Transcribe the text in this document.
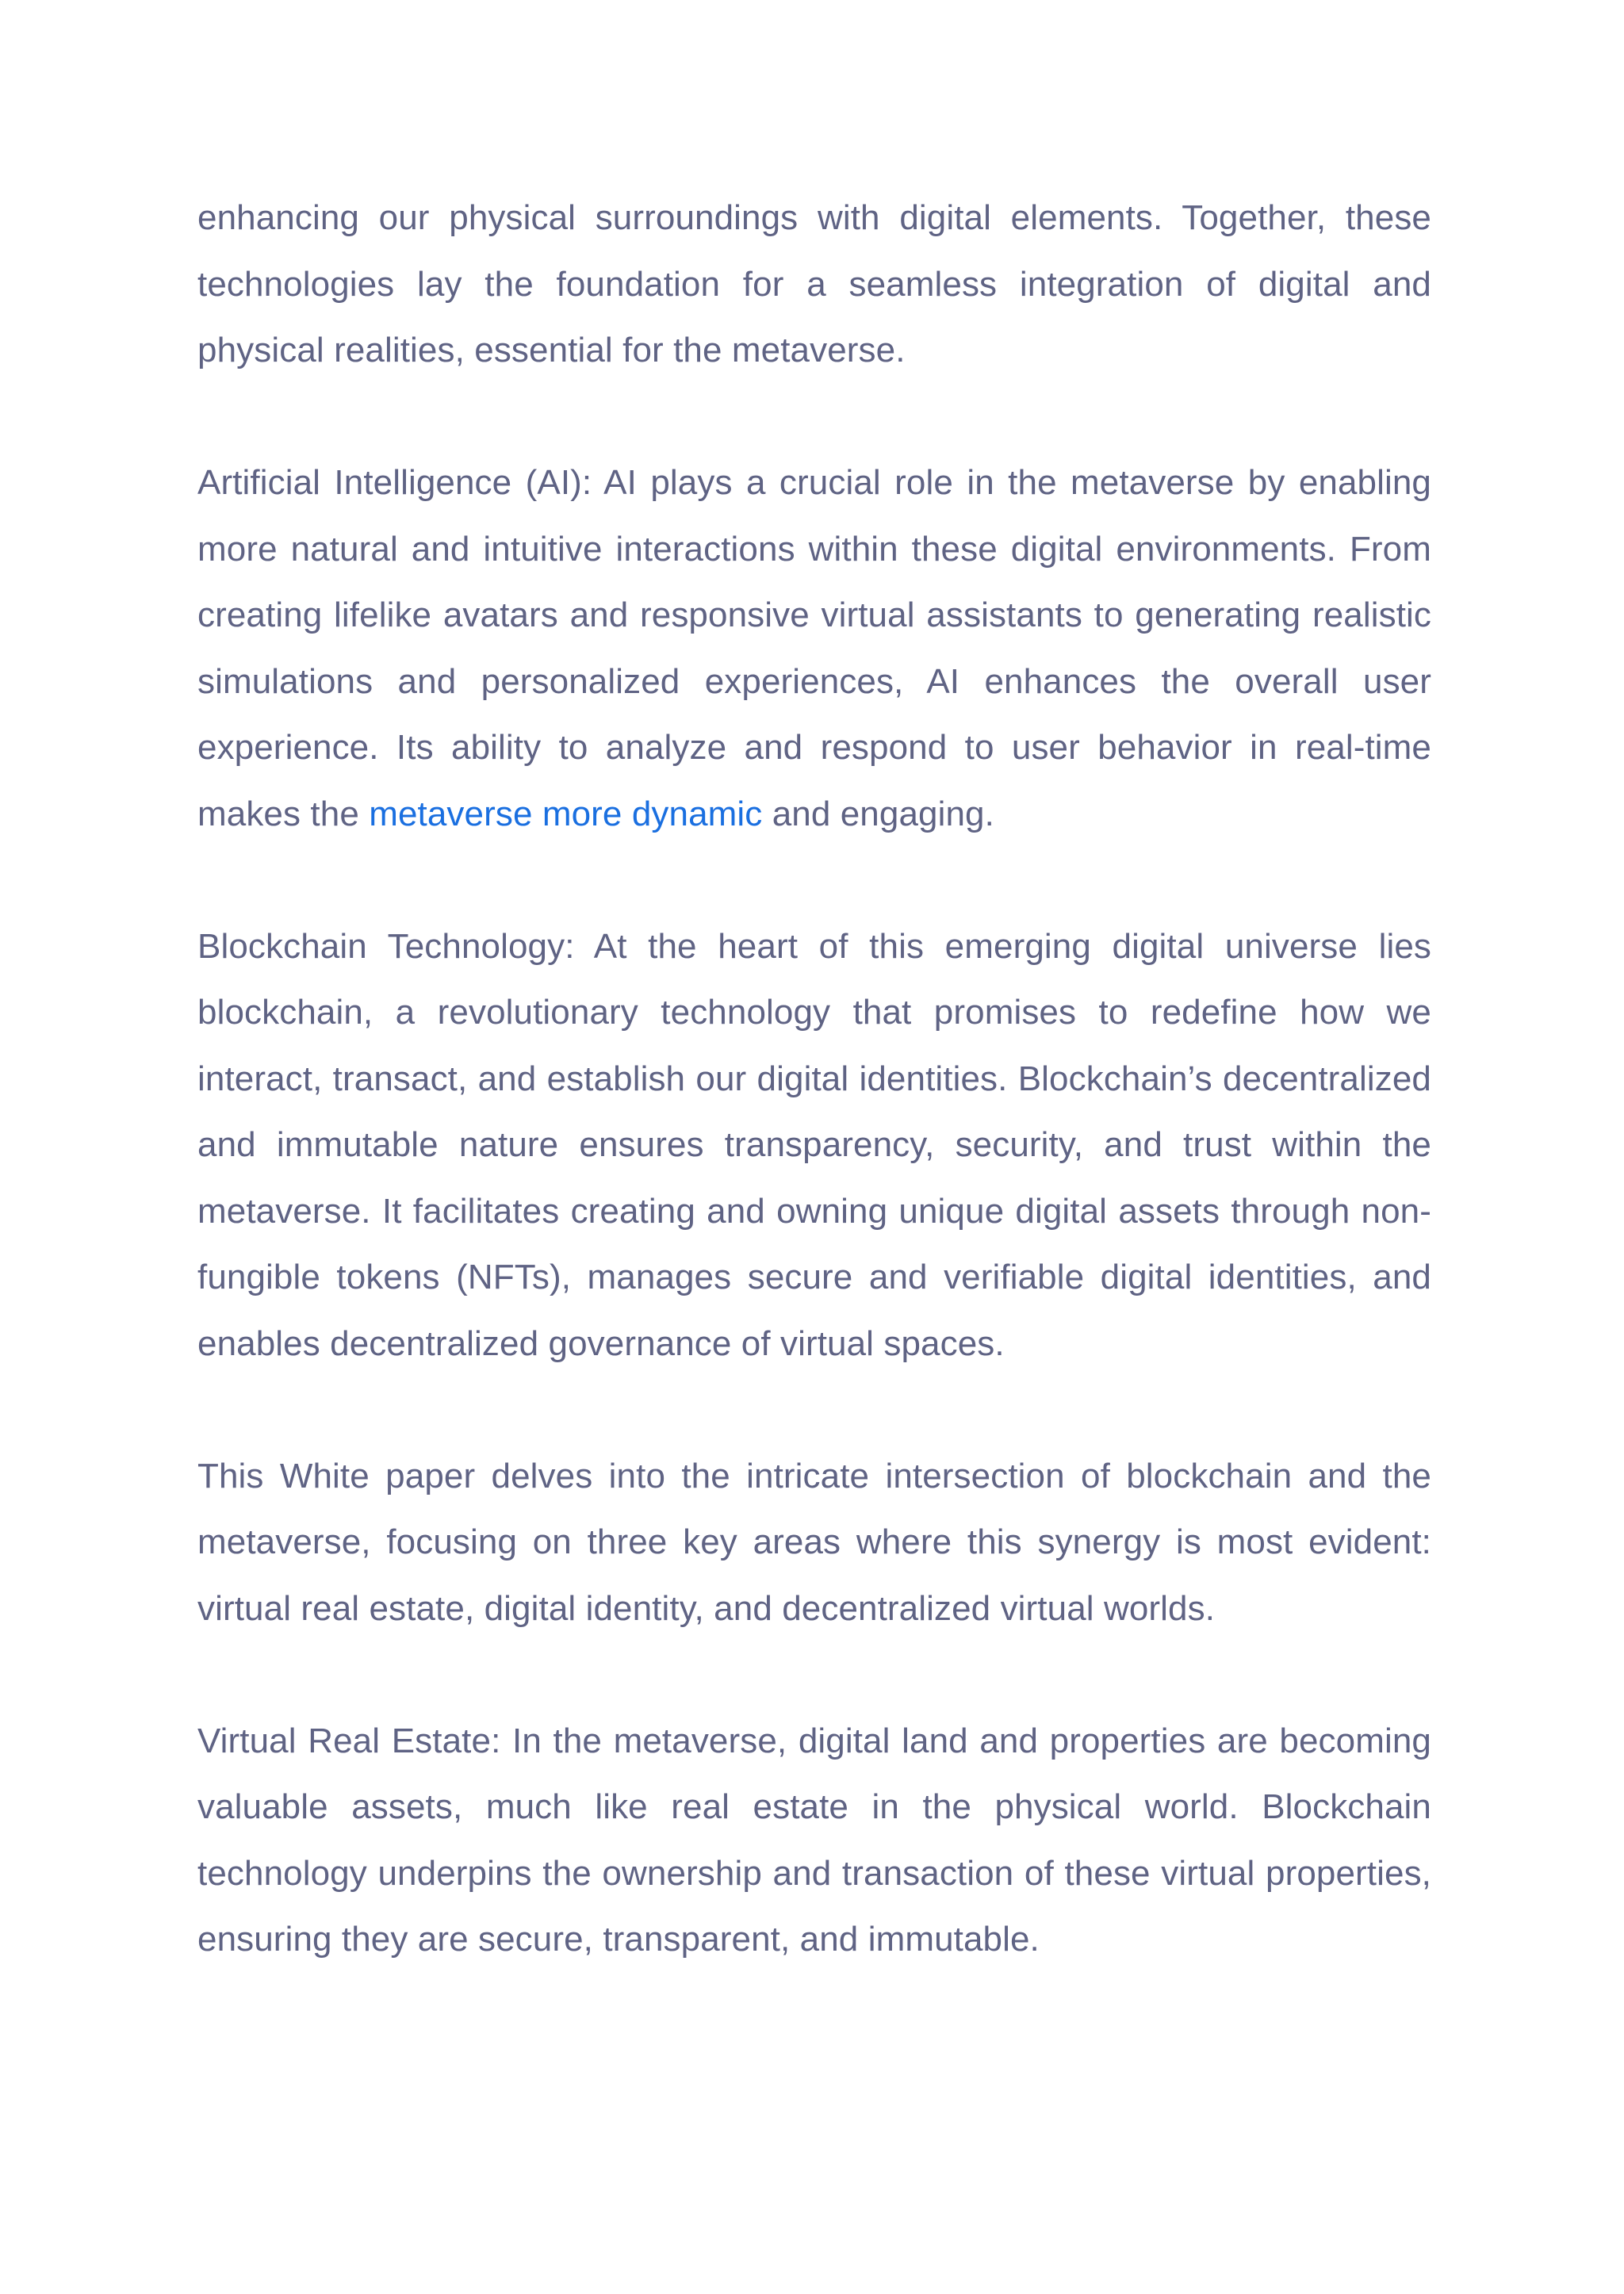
enhancing our physical surroundings with digital elements. Together, these technologies lay the foundation for a seamless integration of digital and physical realities, essential for the metaverse.

Artificial Intelligence (AI): AI plays a crucial role in the metaverse by enabling more natural and intuitive interactions within these digital environments. From creating lifelike avatars and responsive virtual assistants to generating realistic simulations and personalized experiences, AI enhances the overall user experience. Its ability to analyze and respond to user behavior in real-time makes the metaverse more dynamic and engaging.

Blockchain Technology: At the heart of this emerging digital universe lies blockchain, a revolutionary technology that promises to redefine how we interact, transact, and establish our digital identities. Blockchain’s decentralized and immutable nature ensures transparency, security, and trust within the metaverse. It facilitates creating and owning unique digital assets through non-fungible tokens (NFTs), manages secure and verifiable digital identities, and enables decentralized governance of virtual spaces.

This White paper delves into the intricate intersection of blockchain and the metaverse, focusing on three key areas where this synergy is most evident: virtual real estate, digital identity, and decentralized virtual worlds.

Virtual Real Estate: In the metaverse, digital land and properties are becoming valuable assets, much like real estate in the physical world. Blockchain technology underpins the ownership and transaction of these virtual properties, ensuring they are secure, transparent, and immutable.
